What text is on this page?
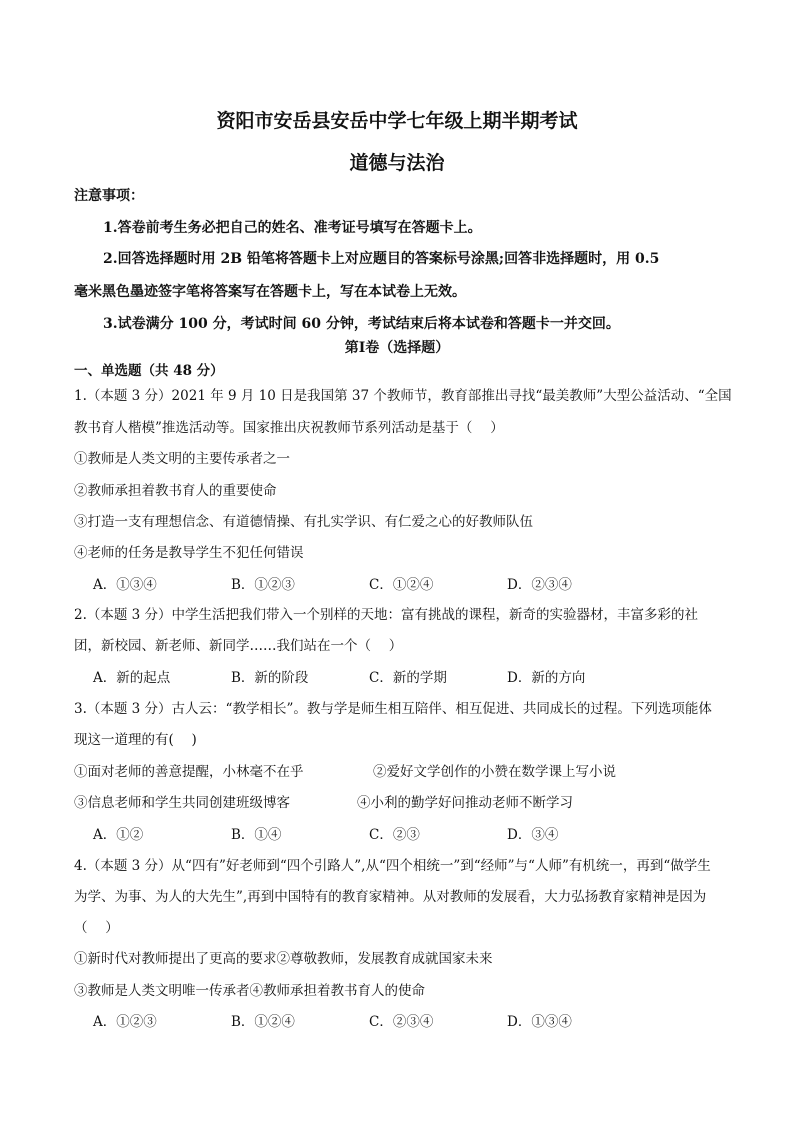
资阳市安岳县安岳中学七年级上期半期考试
道德与法治
注意事项：
1.答卷前考生务必把自己的姓名、准考证号填写在答题卡上。
2.回答选择题时用 2B 铅笔将答题卡上对应题目的答案标号涂黑;回答非选择题时，用 0.5
毫米黑色墨迹签字笔将答案写在答题卡上，写在本试卷上无效。
3.试卷满分 100 分，考试时间 60 分钟，考试结束后将本试卷和答题卡一并交回。
第Ⅰ卷（选择题）
一、单选题（共 48 分）
1.（本题 3 分）2021 年 9 月 10 日是我国第 37 个教师节，教育部推出寻找“最美教师”大型公益活动、“全国
教书育人楷模”推选活动等。国家推出庆祝教师节系列活动是基于（　 ）
①教师是人类文明的主要传承者之一
②教师承担着教书育人的重要使命
③打造一支有理想信念、有道德情操、有扎实学识、有仁爱之心的好教师队伍
④老师的任务是教导学生不犯任何错误
A．①③④	B．①②③	C．①②④	D．②③④
2.（本题 3 分）中学生活把我们带入一个别样的天地：富有挑战的课程，新奇的实验器材，丰富多彩的社
团，新校园、新老师、新同学……我们站在一个（　 ）
A．新的起点	B．新的阶段	C．新的学期	D．新的方向
3.（本题 3 分）古人云：“教学相长”。教与学是师生相互陪伴、相互促进、共同成长的过程。下列选项能体
现这一道理的有(　 )
①面对老师的善意提醒，小林毫不在乎	②爱好文学创作的小赞在数学课上写小说
③信息老师和学生共同创建班级博客	④小利的勤学好问推动老师不断学习
A．①②	B．①④	C．②③	D．③④
4.（本题 3 分）从“四有”好老师到“四个引路人”,从“四个相统一”到“经师”与“人师”有机统一，再到“做学生
为学、为事、为人的大先生”,再到中国特有的教育家精神。从对教师的发展看，大力弘扬教育家精神是因为
（　 ）
①新时代对教师提出了更高的要求②尊敬教师，发展教育成就国家未来
③教师是人类文明唯一传承者④教师承担着教书育人的使命
A．①②③	B．①②④	C．②③④	D．①③④
